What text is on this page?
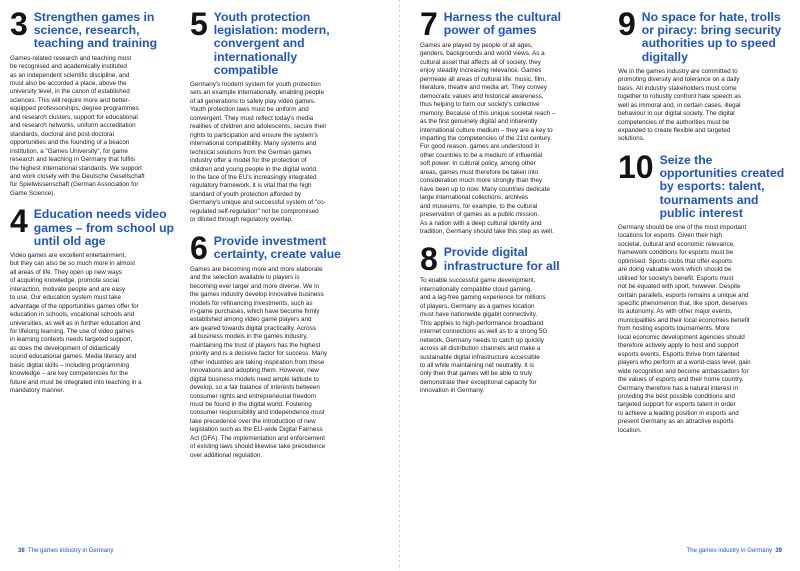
3 Strengthen games in science, research, teaching and training

Games-related research and teaching must
be recognised and academically instituted
as an independent scientific discipline, and
must also be accorded a place, above the
university level, in the canon of established
sciences. This will require more and better-
equipped professorships, degree programmes
and research clusters, support for educational
and research networks, uniform accreditation
standards, doctoral and post-doctoral
opportunities and the founding of a beacon
institution, a "Games University", for game
research and teaching in Germany that fulfils
the highest international standards. We support
and work closely with the Deutsche Gesellschaft
für Spielwissenschaft (German Association for
Game Science).

4 Education needs video games – from school up until old age

Video games are excellent entertainment,
but they can also be so much more in almost
all areas of life. They open up new ways
of acquiring knowledge, promote social
interaction, motivate people and are easy
to use. Our education system must take
advantage of the opportunities games offer for
education in schools, vocational schools and
universities, as well as in further education and
for lifelong learning. The use of video games
in learning contexts needs targeted support,
as does the development of didactically
sound educational games. Media literacy and
basic digital skills – including programming
knowledge – are key competencies for the
future and must be integrated into teaching in a
mandatory manner.

5 Youth protection legislation: modern, convergent and internationally compatible

Germany's modern system for youth protection
sets an example internationally, enabling people
of all generations to safely play video games.
Youth protection laws must be uniform and
convergent. They must reflect today's media
realities of children and adolescents, secure their
rights to participation and ensure the system's
international compatibility. Many systems and
technical solutions from the German games
industry offer a model for the protection of
children and young people in the digital world.
In the face of the EU's increasingly integrated
regulatory framework, it is vital that the high
standard of youth protection afforded by
Germany's unique and successful system of "co-
regulated self-regulation" not be compromised
or diluted through regulatory overlap.

6 Provide investment certainty, create value

Games are becoming more and more elaborate
and the selection available to players is
becoming ever larger and more diverse. We in
the games industry develop innovative business
models for refinancing investments, such as
in-game purchases, which have become firmly
established among video game players and
are geared towards digital practicality. Across
all business models in the games industry,
maintaining the trust of players has the highest
priority and is a decisive factor for success. Many
other industries are taking inspiration from these
innovations and adopting them. However, new
digital business models need ample latitude to
develop, so a fair balance of interests between
consumer rights and entrepreneurial freedom
must be found in the digital world. Fostering
consumer responsibility and independence must
take precedence over the introduction of new
legislation such as the EU-wide Digital Fairness
Act (DFA). The implementation and enforcement
of existing laws should likewise take precedence
over additional regulation.

38 The games industry in Germany
7 Harness the cultural power of games

Games are played by people of all ages,
genders, backgrounds and world views. As a
cultural asset that affects all of society, they
enjoy steadily increasing relevance. Games
permeate all areas of cultural life: music, film,
literature, theatre and media art. They convey
democratic values and historical awareness,
thus helping to form our society's collective
memory. Because of this unique societal reach –
as the first genuinely digital and inherently
international culture medium – they are a key to
imparting the competencies of the 21st century.
For good reason, games are understood in
other countries to be a medium of influential
soft power. In cultural policy, among other
areas, games must therefore be taken into
consideration much more strongly than they
have been up to now. Many countries dedicate
large international collections, archives
and museums, for example, to the cultural
preservation of games as a public mission.
As a nation with a deep cultural identity and
tradition, Germany should take this step as well.

8 Provide digital infrastructure for all

To enable successful game development,
internationally compatible cloud gaming,
and a lag-free gaming experience for millions
of players, Germany as a games location
must have nationwide gigabit connectivity.
This applies to high-performance broadband
internet connections as well as to a strong 5G
network. Germany needs to catch up quickly
across all distribution channels and make a
sustainable digital infrastructure accessible
to all while maintaining net neutrality. It is
only then that games will be able to truly
demonstrate their exceptional capacity for
innovation in Germany.

9 No space for hate, trolls or piracy: bring security authorities up to speed digitally

We in the games industry are committed to
promoting diversity and tolerance on a daily
basis. All industry stakeholders must come
together to robustly confront hate speech as
well as immoral and, in certain cases, illegal
behaviour in our digital society. The digital
competencies of the authorities must be
expanded to create flexible and targeted
solutions.

10 Seize the opportunities created by esports: talent, tournaments and public interest

Germany should be one of the most important
locations for esports. Given their high
societal, cultural and economic relevance,
framework conditions for esports must be
optimised. Sports clubs that offer esports
are doing valuable work which should be
utilised for society's benefit. Esports must
not be equated with sport, however. Despite
certain parallels, esports remains a unique and
specific phenomenon that, like sport, deserves
its autonomy. As with other major events,
municipalities and their local economies benefit
from hosting esports tournaments. More
local economic development agencies should
therefore actively apply to host and support
esports events. Esports thrive from talented
players who perform at a world-class level, gain
wide recognition and become ambassadors for
the values of esports and their home country.
Germany therefore has a natural interest in
providing the best possible conditions and
targeted support for esports talent in order
to achieve a leading position in esports and
present Germany as an attractive esports
location.

The games industry in Germany 39
